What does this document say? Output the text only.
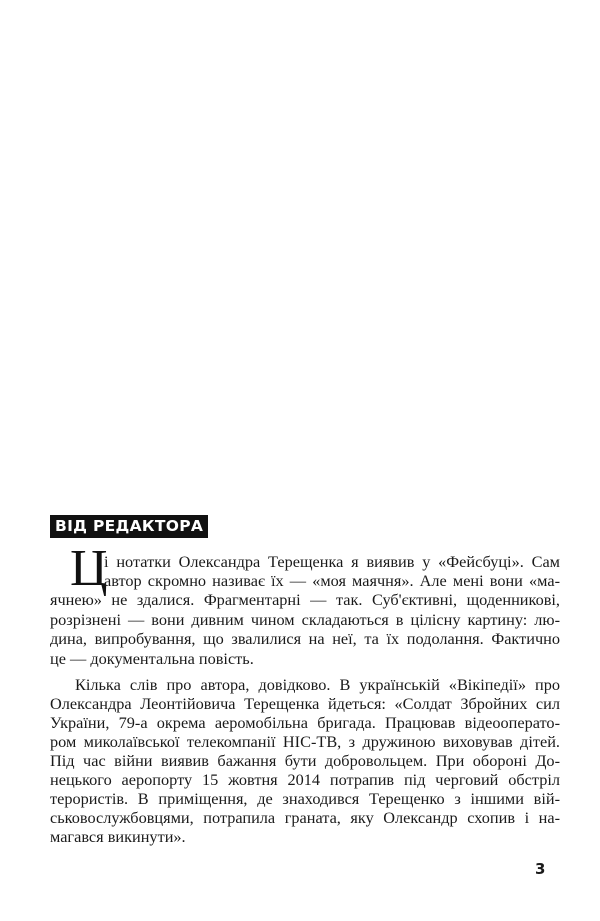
ВІД РЕДАКТОРА
Ц
і нотатки Олександра Терещенка я виявив у «Фейсбуці». Сам
автор скромно називає їх — «моя маячня». Але мені вони «ма-
ячнею» не здалися. Фрагментарні — так. Суб'єктивні, щоденникові,
розрізнені — вони дивним чином складаються в цілісну картину: лю-
дина, випробування, що звалилися на неї, та їх подолання. Фактично
це — документальна повість.
Кілька слів про автора, довідково. В українській «Вікіпедії» про
Олександра Леонтійовича Терещенка йдеться: «Солдат Збройних сил
України, 79-а окрема аеромобільна бригада. Працював відеооперато-
ром миколаївської телекомпанії НІС-ТВ, з дружиною виховував дітей.
Під час війни виявив бажання бути добровольцем. При обороні До-
нецького аеропорту 15 жовтня 2014 потрапив під черговий обстріл
терористів. В приміщення, де знаходився Терещенко з іншими вій-
ськовослужбовцями, потрапила граната, яку Олександр схопив і на-
магався викинути».
3
